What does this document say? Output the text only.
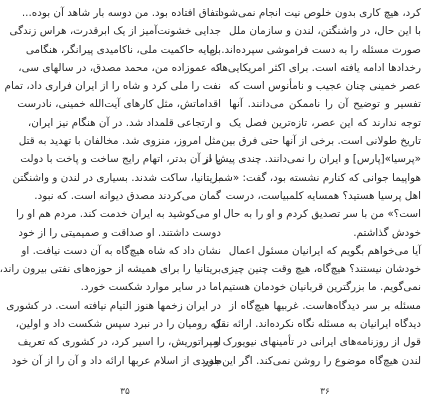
کرد، هیچ کاری بدون خلوص نیت انجام نمی‌شود.
با این حال، در واشنگتن، لندن و سازمان ملل
صورت مسئله را به دست فراموشی سپرده‌اند. اما
رخدادها ادامه یافته است. برای اکثر امریکایی‌ها،
عصر خمینی چنان عجیب و نامأنوس است که
تفسیر و توضیح آن را ناممکن می‌دانند. آنها
توجه ندارند که این عصر، تازه‌ترین فصل یک
تاریخ طولانی است. برخی از آنها حتی فرق بین
«پرسیا»[پارس] و ایران را نمی‌دانند. چندی پیش در
هواپیما جوانی که کنارم نشسته بود، گفت: «شما
اهل پرسیا هستید؟ همسایه کلمبیاست، درست
است؟» من با سر تصدیق کردم و او را به حال
خودش گذاشتم.
آیا می‌خواهم بگویم که ایرانیان مسئول اعمال
خودشان نیستند؟ هیچ‌گاه، هیچ وقت چنین چیزی
نمی‌گویم. ما بزرگترین قربانیان خودمان هستیم.
مسئله بر سر دیدگاه‌هاست. غربیها هیچ‌گاه از
دیدگاه ایرانیان به مسئله نگاه نکرده‌اند. ارائه نقل
قول از روزنامه‌های ایرانی در تأمینهای نیویورک و
لندن هیچ‌گاه موضوع را روشن نمی‌کند. اگر این‌طور
۳۶
اتفاق افتاده بود. من دوسه بار شاهد آن بوده‌...
جدایی خشونت‌آمیز از یک ابرقدرت، هراس زندگی
برپایه حاکمیت ملی، ناکامیدی پیرانگر، هنگامی
که عموزاده من، محمد مصدق، در سالهای سی،
نفت را ملی کرد و شاه را از ایران فراری داد، تمام
اقداماتش، مثل کارهای آیت‌الله خمینی، نادرست
و ارتجاعی قلمداد شد. در آن هنگام نیز ایران،
مثل امروز، منزوی شد. مخالفان با تهدید به قتل
یا از آن بدتر، اتهام رایج ساخت و پاخت با دولت
بریتانیا، ساکت شدند. بسیاری در لندن و واشنگتن
گمان می‌کردند مصدق دیوانه است. که نبود.
او می‌کوشید به ایران خدمت کند. مردم هم او را
دوست داشتند. او صداقت و صمیمیتی را از خود
نشان داد که شاه هیچ‌گاه به آن دست نیافت. او
بریتانیا را برای همیشه از حوزه‌های نفتی بیرون راند،
اما در سایر موارد شکست خورد.
در ایران زخمها هنوز التیام نیافته است. در کشوری
که رومیان را در نبرد سپس شکست داد و اولین،
امپراتوریش، را اسیر کرد، در کشوری که تعریف
جدیدی از اسلام عربها ارائه داد و آن را از آن خود
۳۵
